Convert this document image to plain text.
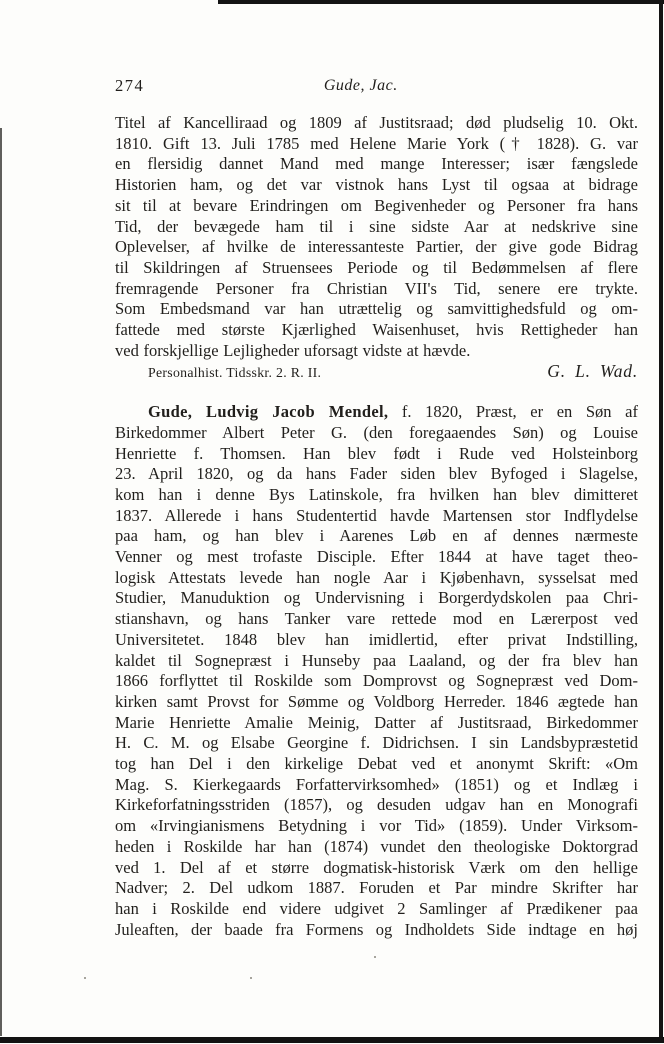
274	Gude, Jac.
Titel af Kancelliraad og 1809 af Justitsraad; død pludselig 10. Okt.
1810. Gift 13. Juli 1785 med Helene Marie York († 1828). G. var
en flersidig dannet Mand med mange Interesser; især fængslede
Historien ham, og det var vistnok hans Lyst til ogsaa at bidrage
sit til at bevare Erindringen om Begivenheder og Personer fra hans
Tid, der bevægede ham til i sine sidste Aar at nedskrive sine
Oplevelser, af hvilke de interessanteste Partier, der give gode Bidrag
til Skildringen af Struensees Periode og til Bedømmelsen af flere
fremragende Personer fra Christian VII's Tid, senere ere trykte.
Som Embedsmand var han utrættelig og samvittighedsfuld og om-
fattede med største Kjærlighed Waisenhuset, hvis Rettigheder han
ved forskjellige Lejligheder uforsagt vidste at hævde.
Personalhist. Tidsskr. 2. R. II.	G. L. Wad.
Gude, Ludvig Jacob Mendel, f. 1820, Præst, er en Søn af
Birkedommer Albert Peter G. (den foregaaendes Søn) og Louise
Henriette f. Thomsen. Han blev født i Rude ved Holsteinborg
23. April 1820, og da hans Fader siden blev Byfoged i Slagelse,
kom han i denne Bys Latinskole, fra hvilken han blev dimitteret
1837. Allerede i hans Studentertid havde Martensen stor Indflydelse
paa ham, og han blev i Aarenes Løb en af dennes nærmeste
Venner og mest trofaste Disciple. Efter 1844 at have taget theo-
logisk Attestats levede han nogle Aar i Kjøbenhavn, sysselsat med
Studier, Manuduktion og Undervisning i Borgerdydskolen paa Chri-
stianshavn, og hans Tanker vare rettede mod en Lærerpost ved
Universitetet. 1848 blev han imidlertid, efter privat Indstilling,
kaldet til Sognepræst i Hunseby paa Laaland, og der fra blev han
1866 forflyttet til Roskilde som Domprovst og Sognepræst ved Dom-
kirken samt Provst for Sømme og Voldborg Herreder. 1846 ægtede han
Marie Henriette Amalie Meinig, Datter af Justitsraad, Birkedommer
H. C. M. og Elsabe Georgine f. Didrichsen. I sin Landsbypræstetid
tog han Del i den kirkelige Debat ved et anonymt Skrift: «Om
Mag. S. Kierkegaards Forfattervirksomhed» (1851) og et Indlæg i
Kirkeforfatningsstriden (1857), og desuden udgav han en Monografi
om «Irvingianismens Betydning i vor Tid» (1859). Under Virksom-
heden i Roskilde har han (1874) vundet den theologiske Doktorgrad
ved 1. Del af et større dogmatisk-historisk Værk om den hellige
Nadver; 2. Del udkom 1887. Foruden et Par mindre Skrifter har
han i Roskilde end videre udgivet 2 Samlinger af Prædikener paa
Juleaften, der baade fra Formens og Indholdets Side indtage en høj
